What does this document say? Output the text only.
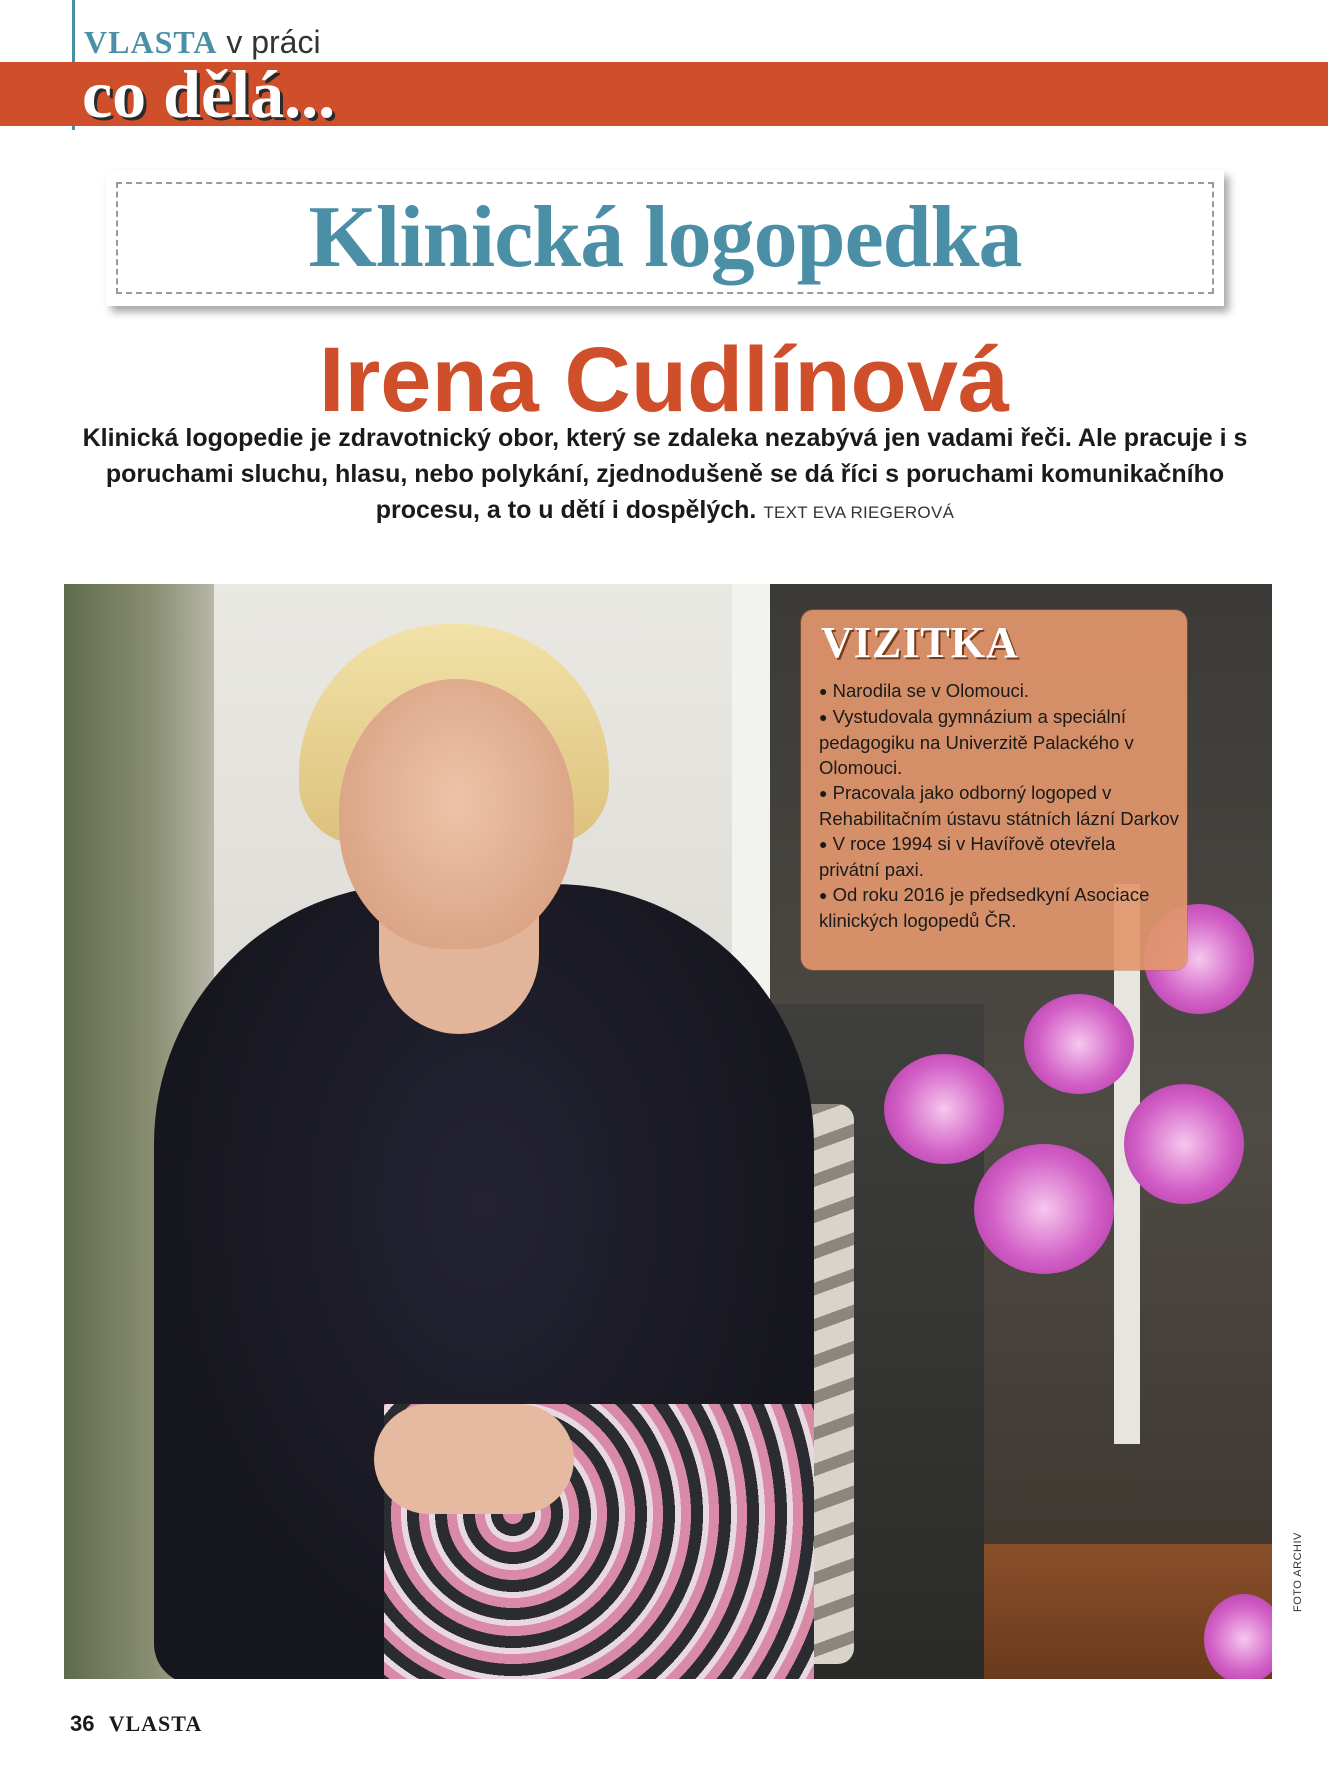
VLASTA v práci
co dělá...
Klinická logopedka
Irena Cudlínová
Klinická logopedie je zdravotnický obor, který se zdaleka nezabývá jen vadami řeči. Ale pracuje i s poruchami sluchu, hlasu, nebo polykání, zjednodušeně se dá říci s poruchami komunikačního procesu, a to u dětí i dospělých. TEXT EVA RIEGEROVÁ
VIZITKA
● Narodila se v Olomouci.
● Vystudovala gymnázium a speciální pedagogiku na Univerzitě Palackého v Olomouci.
● Pracovala jako odborný logoped v Rehabilitačním ústavu státních lázní Darkov
● V roce 1994 si v Havířově otevřela privátní paxi.
● Od roku 2016 je předsedkyní Asociace klinických logopedů ČR.
FOTO ARCHIV
36 VLASTA
